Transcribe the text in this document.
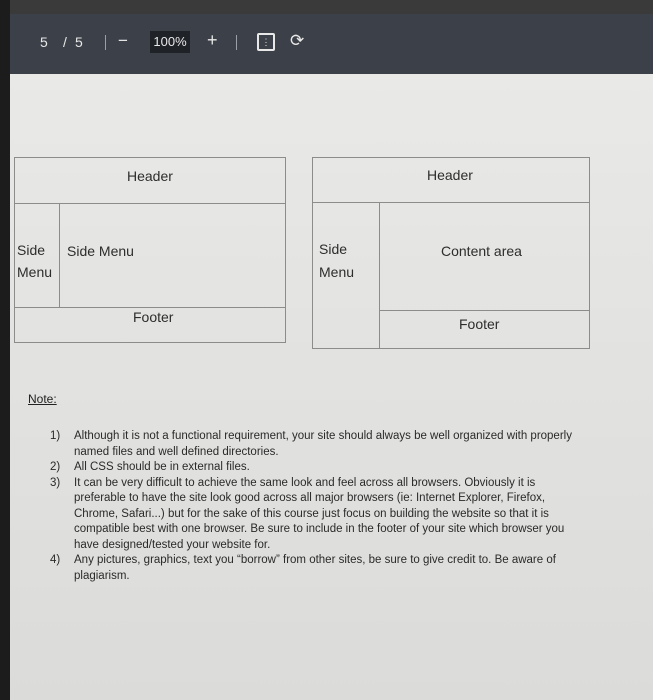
5 / 5 − 100% +	⋮ ⟳
Header
Side
Menu
Side Menu
Footer
Header
Side
Menu
Content area
Footer
Note:
1) Although it is not a functional requirement, your site should always be well organized with properly named files and well defined directories.
2) All CSS should be in external files.
3) It can be very difficult to achieve the same look and feel across all browsers. Obviously it is preferable to have the site look good across all major browsers (ie: Internet Explorer, Firefox, Chrome, Safari...) but for the sake of this course just focus on building the website so that it is compatible best with one browser. Be sure to include in the footer of your site which browser you have designed/tested your website for.
4) Any pictures, graphics, text you “borrow” from other sites, be sure to give credit to. Be aware of plagiarism.
